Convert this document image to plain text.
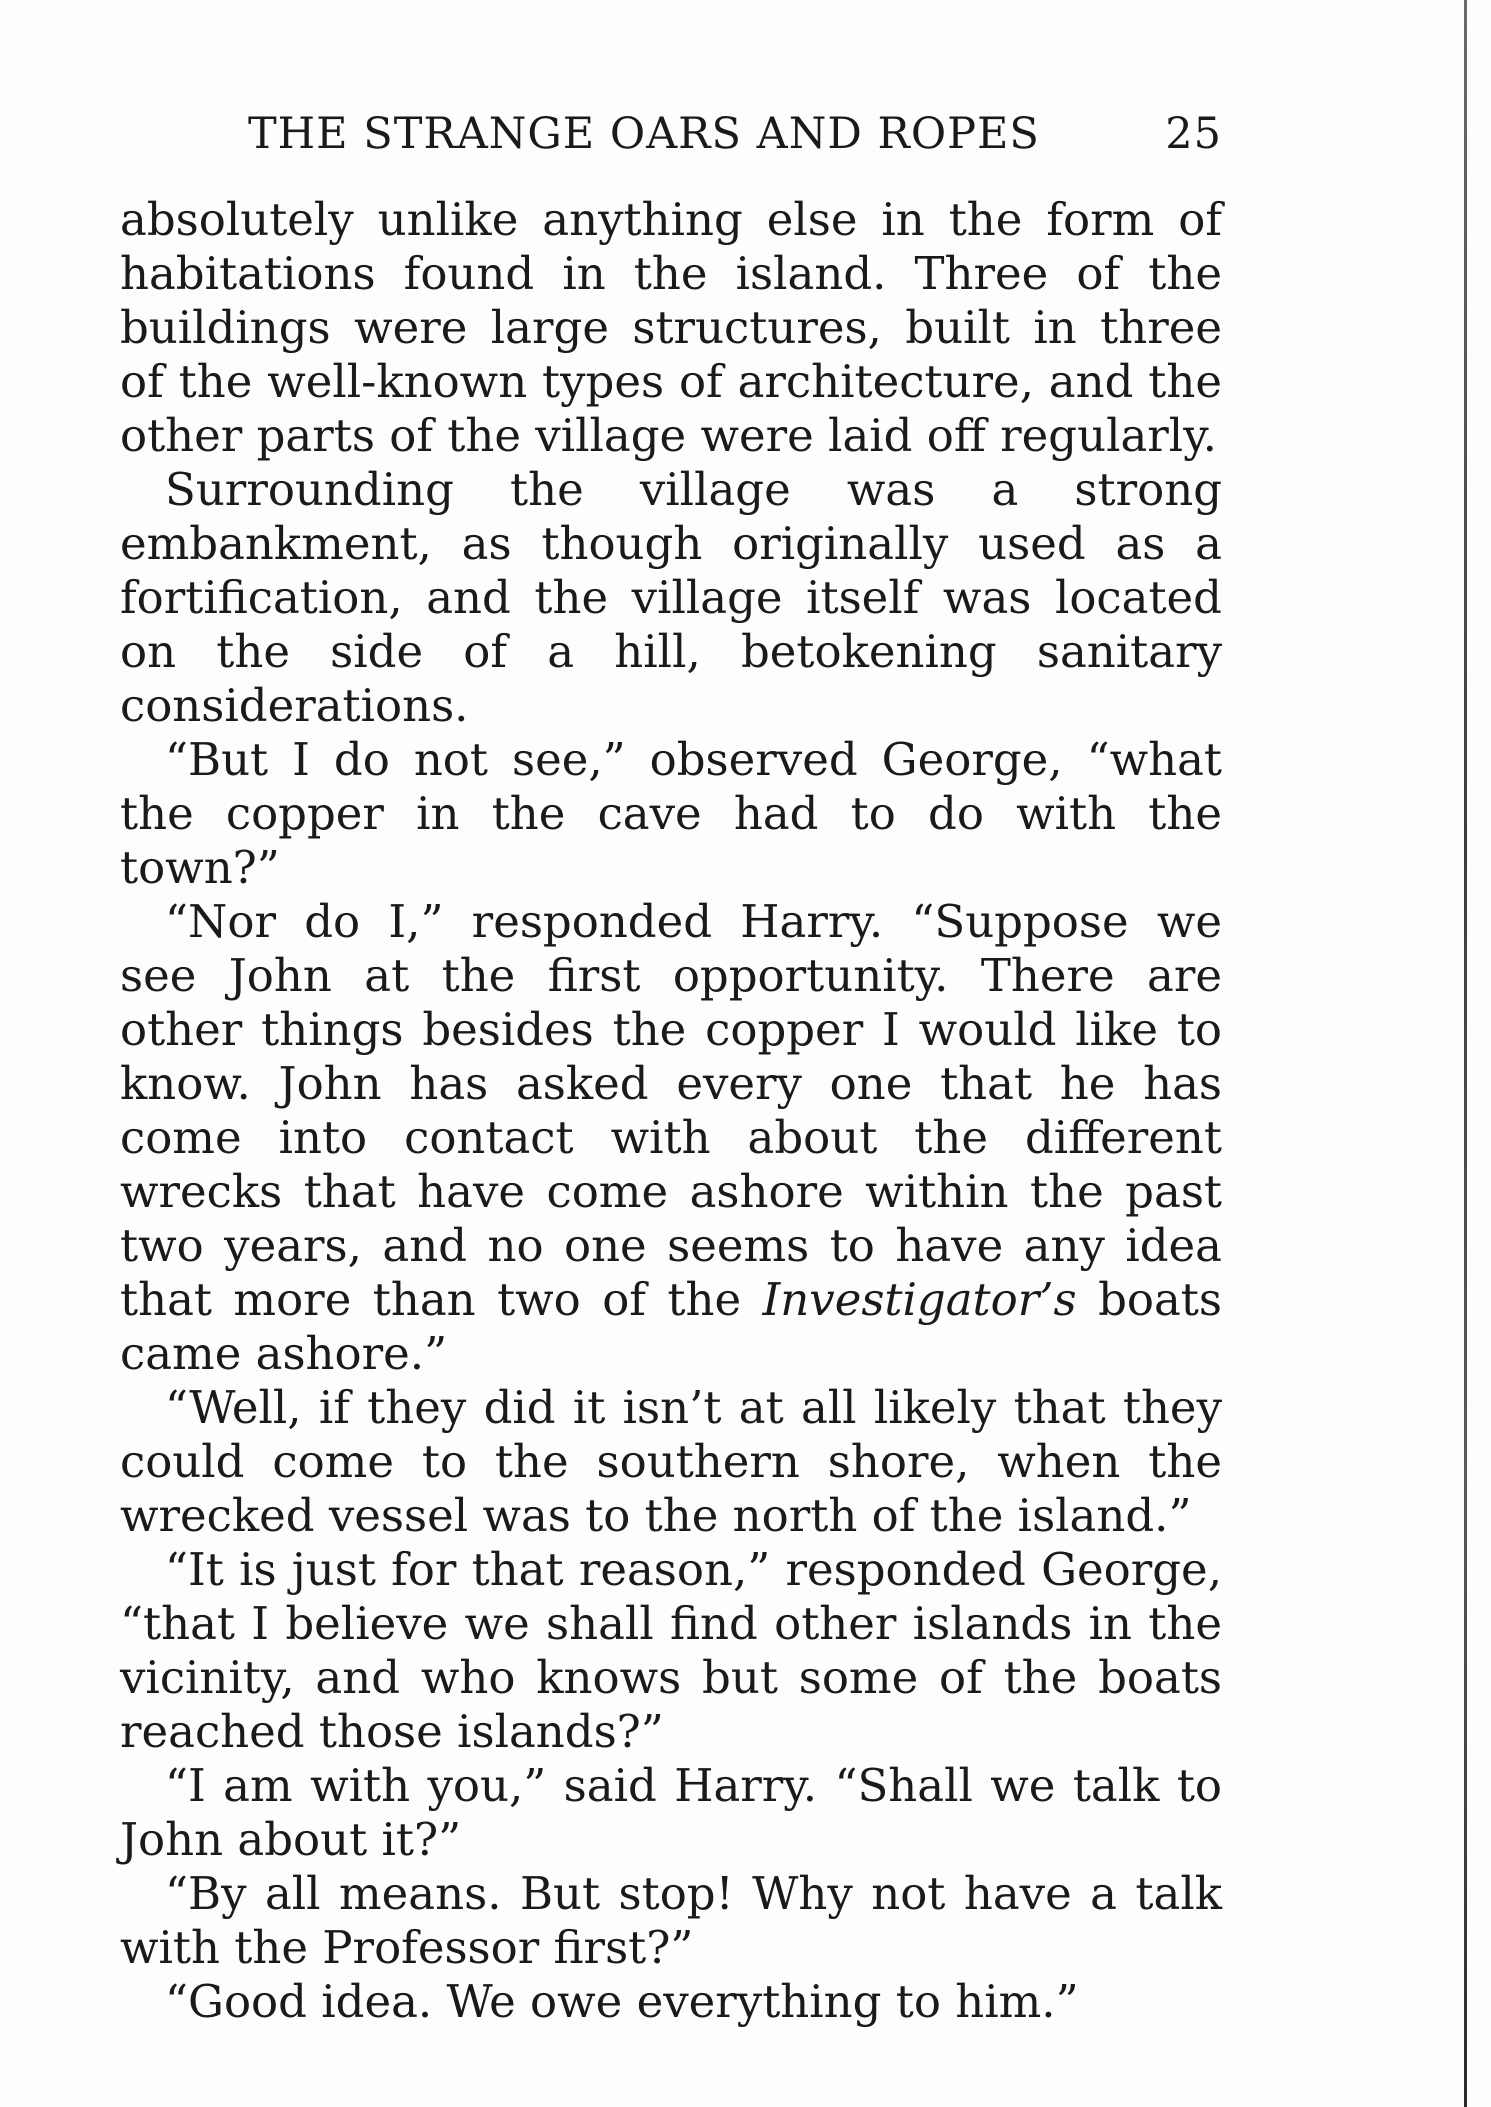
THE STRANGE OARS AND ROPES	25

absolutely unlike anything else in the form of habitations found in the island. Three of the buildings were large structures, built in three of the well-known types of architecture, and the other parts of the village were laid off regularly.

Surrounding the village was a strong embankment, as though originally used as a fortification, and the village itself was located on the side of a hill, betokening sanitary considerations.

“But I do not see,” observed George, “what the copper in the cave had to do with the town?”

“Nor do I,” responded Harry. “Suppose we see John at the first opportunity. There are other things besides the copper I would like to know. John has asked every one that he has come into contact with about the different wrecks that have come ashore within the past two years, and no one seems to have any idea that more than two of the Investigator’s boats came ashore.”

“Well, if they did it isn’t at all likely that they could come to the southern shore, when the wrecked vessel was to the north of the island.”

“It is just for that reason,” responded George, “that I believe we shall find other islands in the vicinity, and who knows but some of the boats reached those islands?”

“I am with you,” said Harry. “Shall we talk to John about it?”

“By all means. But stop! Why not have a talk with the Professor first?”

“Good idea. We owe everything to him.”
